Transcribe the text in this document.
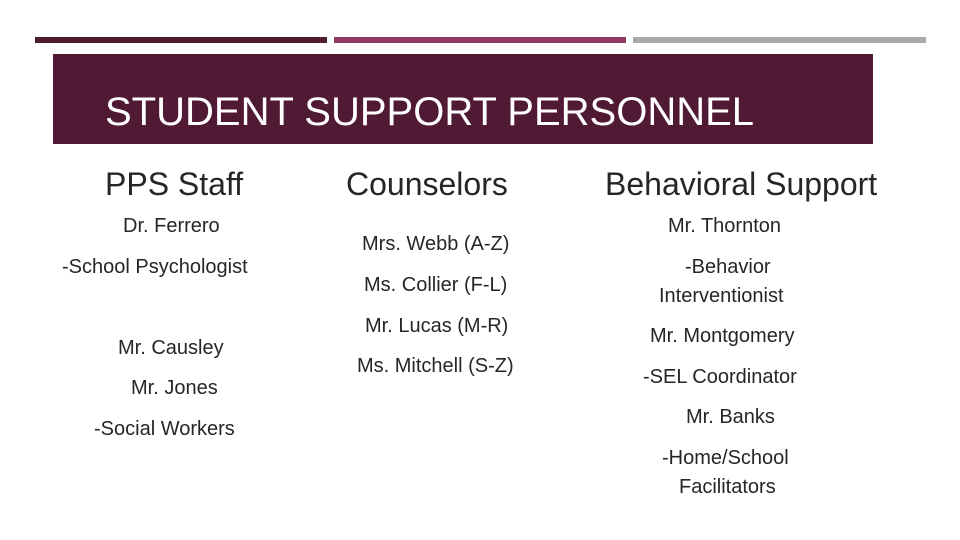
STUDENT SUPPORT PERSONNEL
PPS Staff
Dr. Ferrero
-School Psychologist
Mr. Causley
Mr. Jones
-Social Workers
Counselors
Mrs. Webb (A-Z)
Ms. Collier (F-L)
Mr. Lucas (M-R)
Ms. Mitchell (S-Z)
Behavioral Support
Mr. Thornton
-Behavior
Interventionist
Mr. Montgomery
-SEL Coordinator
Mr. Banks
-Home/School
Facilitators
